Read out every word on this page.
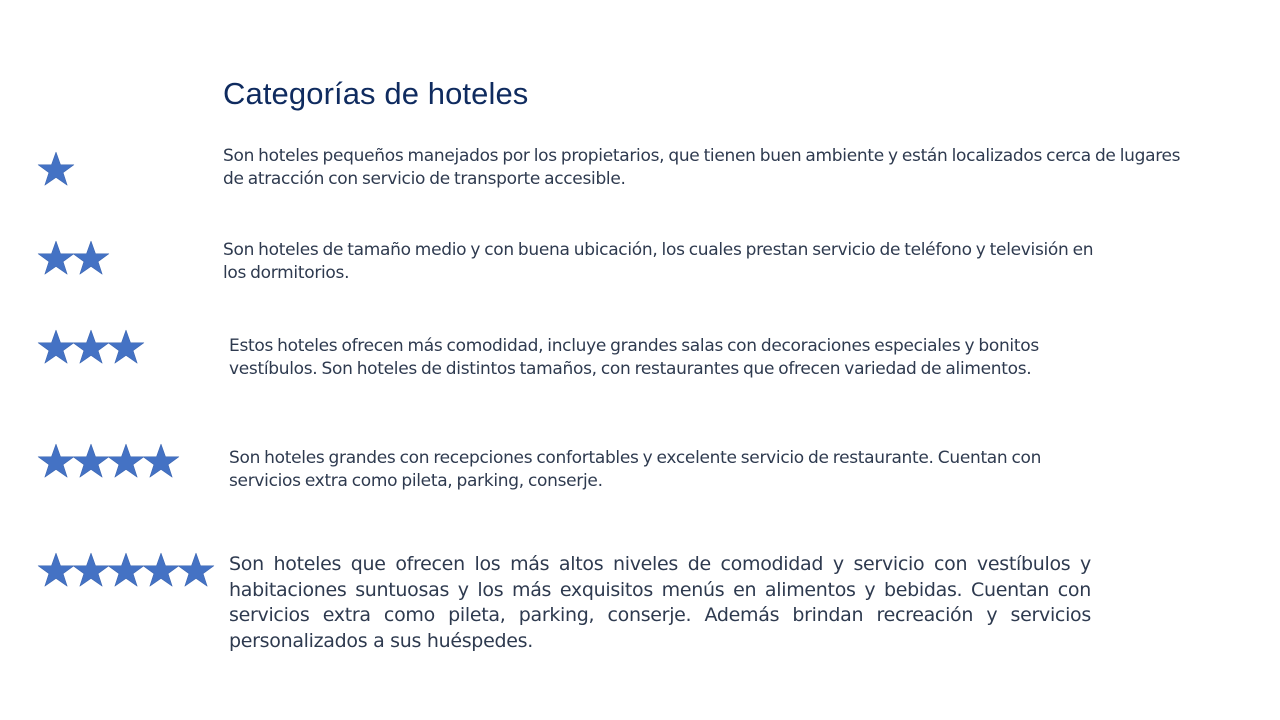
Categorías de hoteles

Son hoteles pequeños manejados por los propietarios, que tienen buen ambiente y están localizados cerca de lugares de atracción con servicio de transporte accesible.

Son hoteles de tamaño medio y con buena ubicación, los cuales prestan servicio de teléfono y televisión en los dormitorios.

Estos hoteles ofrecen más comodidad, incluye grandes salas con decoraciones especiales y bonitos vestíbulos. Son hoteles de distintos tamaños, con restaurantes que ofrecen variedad de alimentos.

Son hoteles grandes con recepciones confortables y excelente servicio de restaurante. Cuentan con servicios extra como pileta, parking, conserje.

Son hoteles que ofrecen los más altos niveles de comodidad y servicio con vestíbulos y habitaciones suntuosas y los más exquisitos menús en alimentos y bebidas. Cuentan con servicios extra como pileta, parking, conserje. Además brindan recreación y servicios personalizados a sus huéspedes.
